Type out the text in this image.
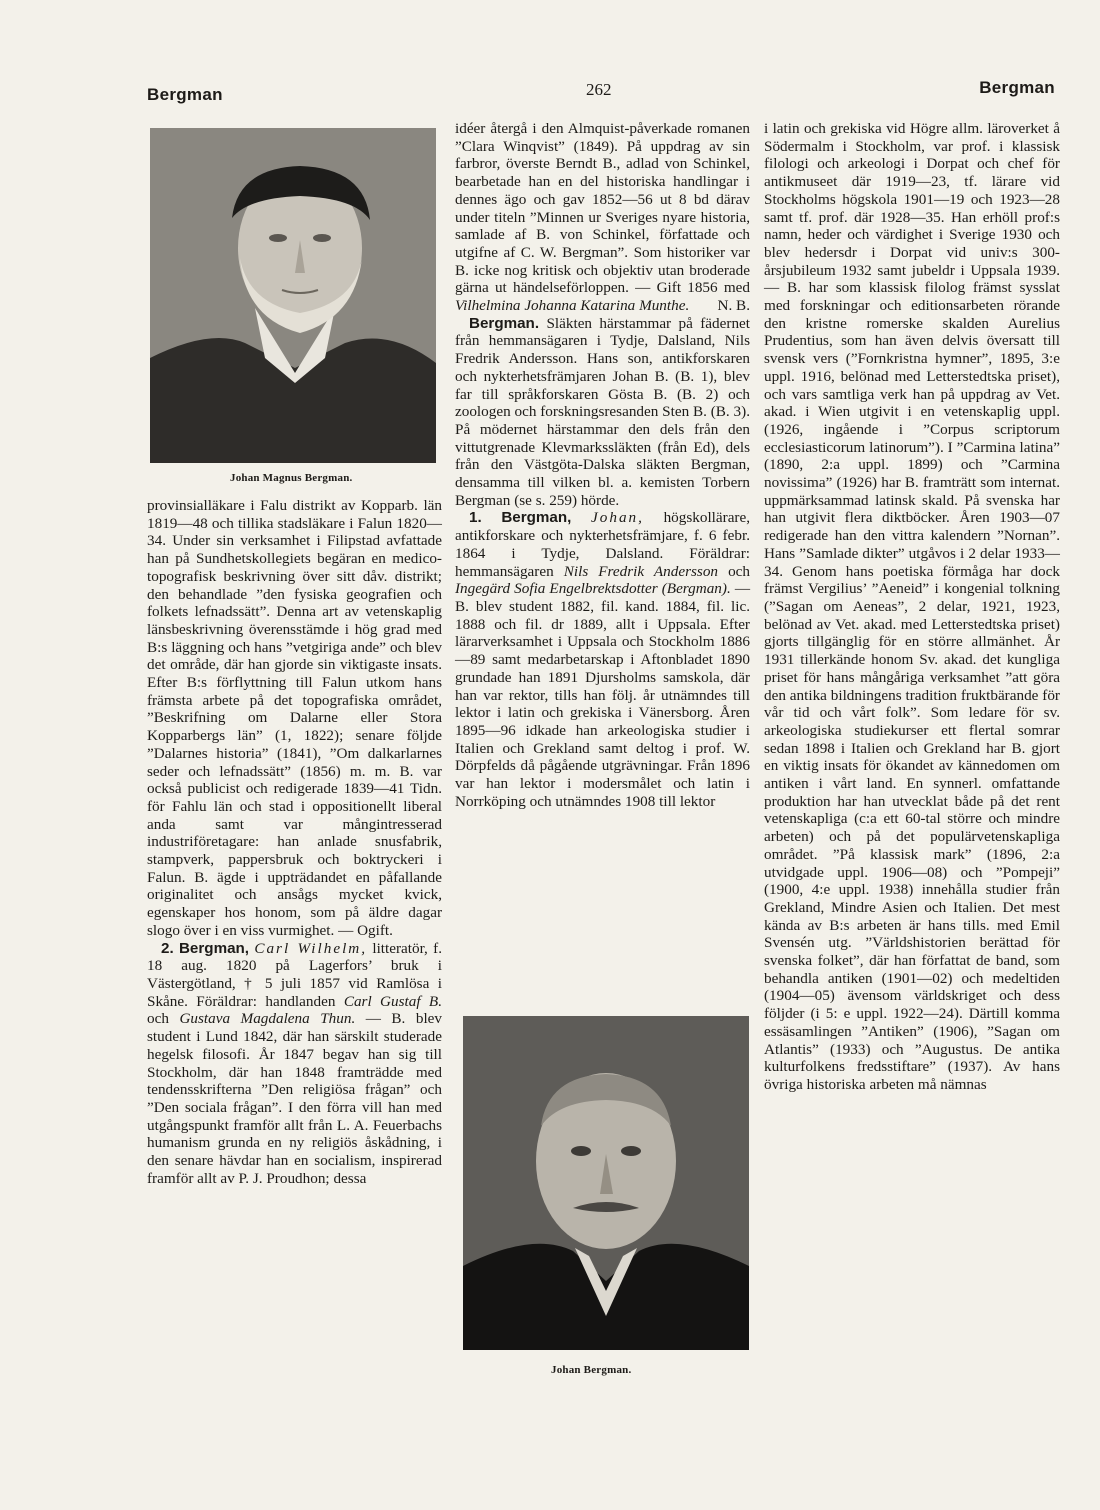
Bergman	262	Bergman
Johan Magnus Bergman.
Johan Bergman.

provinsialläkare i Falu distrikt av Kopparb. län 1819—48 och tillika stadsläkare i Falun 1820—34. Under sin verksamhet i Filipstad avfattade han på Sundhetskollegiets begäran en medico-topografisk beskrivning över sitt dåv. distrikt; den behandlade ”den fysiska geografien och folkets lefnadssätt”. Denna art av vetenskaplig länsbeskrivning överensstämde i hög grad med B:s läggning och hans ”vetgiriga ande” och blev det område, där han gjorde sin viktigaste insats. Efter B:s förflyttning till Falun utkom hans främsta arbete på det topografiska området, ”Beskrifning om Dalarne eller Stora Kopparbergs län” (1, 1822); senare följde ”Dalarnes historia” (1841), ”Om dalkarlarnes seder och lefnadssätt” (1856) m. m. B. var också publicist och redigerade 1839—41 Tidn. för Fahlu län och stad i oppositionellt liberal anda samt var mångintresserad industriföretagare: han anlade snusfabrik, stampverk, pappersbruk och boktryckeri i Falun. B. ägde i uppträdandet en påfallande originalitet och ansågs mycket kvick, egenskaper hos honom, som på äldre dagar slogo över i en viss vurmighet. — Ogift.

2. Bergman, Carl Wilhelm, litteratör, f. 18 aug. 1820 på Lagerfors’ bruk i Västergötland, † 5 juli 1857 vid Ramlösa i Skåne. Föräldrar: handlanden Carl Gustaf B. och Gustava Magdalena Thun. — B. blev student i Lund 1842, där han särskilt studerade hegelsk filosofi. År 1847 begav han sig till Stockholm, där han 1848 framträdde med tendensskrifterna ”Den religiösa frågan” och ”Den sociala frågan”. I den förra vill han med utgångspunkt framför allt från L. A. Feuerbachs humanism grunda en ny religiös åskådning, i den senare hävdar han en socialism, inspirerad framför allt av P. J. Proudhon; dessa

idéer återgå i den Almquist-påverkade romanen ”Clara Winqvist” (1849). På uppdrag av sin farbror, överste Berndt B., adlad von Schinkel, bearbetade han en del historiska handlingar i dennes ägo och gav 1852—56 ut 8 bd därav under titeln ”Minnen ur Sveriges nyare historia, samlade af B. von Schinkel, författade och utgifne af C. W. Bergman”. Som historiker var B. icke nog kritisk och objektiv utan broderade gärna ut händelseförloppen. — Gift 1856 med Vilhelmina Johanna Katarina Munthe. N. B.

Bergman. Släkten härstammar på fädernet från hemmansägaren i Tydje, Dalsland, Nils Fredrik Andersson. Hans son, antikforskaren och nykterhetsfrämjaren Johan B. (B. 1), blev far till språkforskaren Gösta B. (B. 2) och zoologen och forskningsresanden Sten B. (B. 3). På mödernet härstammar den dels från den vittutgrenade Klevmarkssläkten (från Ed), dels från den Västgöta-Dalska släkten Bergman, densamma till vilken bl. a. kemisten Torbern Bergman (se s. 259) hörde.

1. Bergman, Johan, högskollärare, antikforskare och nykterhetsfrämjare, f. 6 febr. 1864 i Tydje, Dalsland. Föräldrar: hemmansägaren Nils Fredrik Andersson och Ingegärd Sofia Engelbrektsdotter (Bergman). — B. blev student 1882, fil. kand. 1884, fil. lic. 1888 och fil. dr 1889, allt i Uppsala. Efter lärarverksamhet i Uppsala och Stockholm 1886—89 samt medarbetarskap i Aftonbladet 1890 grundade han 1891 Djursholms samskola, där han var rektor, tills han följ. år utnämndes till lektor i latin och grekiska i Vänersborg. Åren 1895—96 idkade han arkeologiska studier i Italien och Grekland samt deltog i prof. W. Dörpfelds då pågående utgrävningar. Från 1896 var han lektor i modersmålet och latin i Norrköping och utnämndes 1908 till lektor

i latin och grekiska vid Högre allm. läroverket å Södermalm i Stockholm, var prof. i klassisk filologi och arkeologi i Dorpat och chef för antikmuseet där 1919—23, tf. lärare vid Stockholms högskola 1901—19 och 1923—28 samt tf. prof. där 1928—35. Han erhöll prof:s namn, heder och värdighet i Sverige 1930 och blev hedersdr i Dorpat vid univ:s 300-årsjubileum 1932 samt jubeldr i Uppsala 1939. — B. har som klassisk filolog främst sysslat med forskningar och editionsarbeten rörande den kristne romerske skalden Aurelius Prudentius, som han även delvis översatt till svensk vers (”Fornkristna hymner”, 1895, 3:e uppl. 1916, belönad med Letterstedtska priset), och vars samtliga verk han på uppdrag av Vet. akad. i Wien utgivit i en vetenskaplig uppl. (1926, ingående i ”Corpus scriptorum ecclesiasticorum latinorum”). I ”Carmina latina” (1890, 2:a uppl. 1899) och ”Carmina novissima” (1926) har B. framträtt som internat. uppmärksammad latinsk skald. På svenska har han utgivit flera diktböcker. Åren 1903—07 redigerade han den vittra kalendern ”Nornan”. Hans ”Samlade dikter” utgåvos i 2 delar 1933—34. Genom hans poetiska förmåga har dock främst Vergilius’ ”Aeneid” i kongenial tolkning (”Sagan om Aeneas”, 2 delar, 1921, 1923, belönad av Vet. akad. med Letterstedtska priset) gjorts tillgänglig för en större allmänhet. År 1931 tillerkände honom Sv. akad. det kungliga priset för hans mångåriga verksamhet ”att göra den antika bildningens tradition fruktbärande för vår tid och vårt folk”. Som ledare för sv. arkeologiska studiekurser ett flertal somrar sedan 1898 i Italien och Grekland har B. gjort en viktig insats för ökandet av kännedomen om antiken i vårt land. En synnerl. omfattande produktion har han utvecklat både på det rent vetenskapliga (c:a ett 60-tal större och mindre arbeten) och på det populärvetenskapliga området. ”På klassisk mark” (1896, 2:a utvidgade uppl. 1906—08) och ”Pompeji” (1900, 4:e uppl. 1938) innehålla studier från Grekland, Mindre Asien och Italien. Det mest kända av B:s arbeten är hans tills. med Emil Svensén utg. ”Världshistorien berättad för svenska folket”, där han författat de band, som behandla antiken (1901—02) och medeltiden (1904—05) ävensom världskriget och dess följder (i 5: e uppl. 1922—24). Därtill komma essäsamlingen ”Antiken” (1906), ”Sagan om Atlantis” (1933) och ”Augustus. De antika kulturfolkens fredsstiftare” (1937). Av hans övriga historiska arbeten må nämnas
